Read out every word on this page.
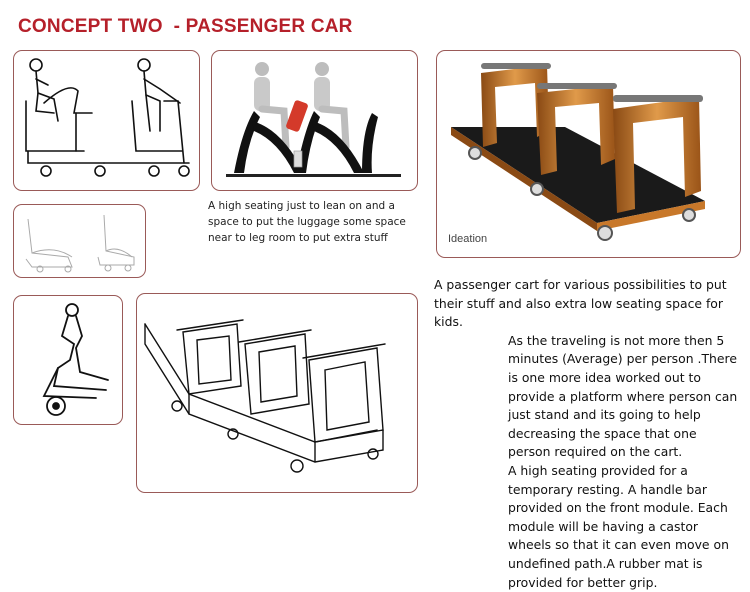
CONCEPT TWO  - PASSENGER CAR
Ideation

A high seating just to lean on and a space to put the luggage some space near to leg room to put extra stuff

A passenger cart for various possibilities to put their stuff and also extra low seating space for kids.

As the traveling is not more then 5 minutes (Average) per person .There is one more idea worked out to provide a platform where person can just stand and its going to help decreasing the space that one person required on the cart.

A high seating provided for a temporary resting. A handle bar provided on the front module. Each module will be having a castor wheels so that it can even move on undefined path.A rubber mat is provided for better grip.
